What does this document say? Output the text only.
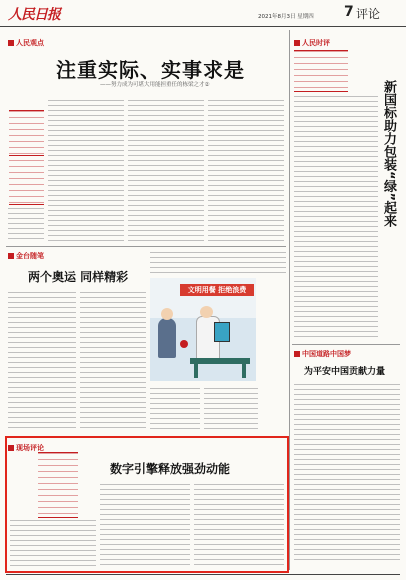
人民日报	2021年8月3日 星期四 7 评论
人民观点
注重实际、实事求是
——努力成为可堪大用能担重任的栋梁之才②
金台随笔
两个奥运 同样精彩
文明用餐 拒绝浪费
现场评论
数字引擎释放强劲动能
人民时评
新国标助力包装“绿”起来
中国道路中国梦
为平安中国贡献力量
